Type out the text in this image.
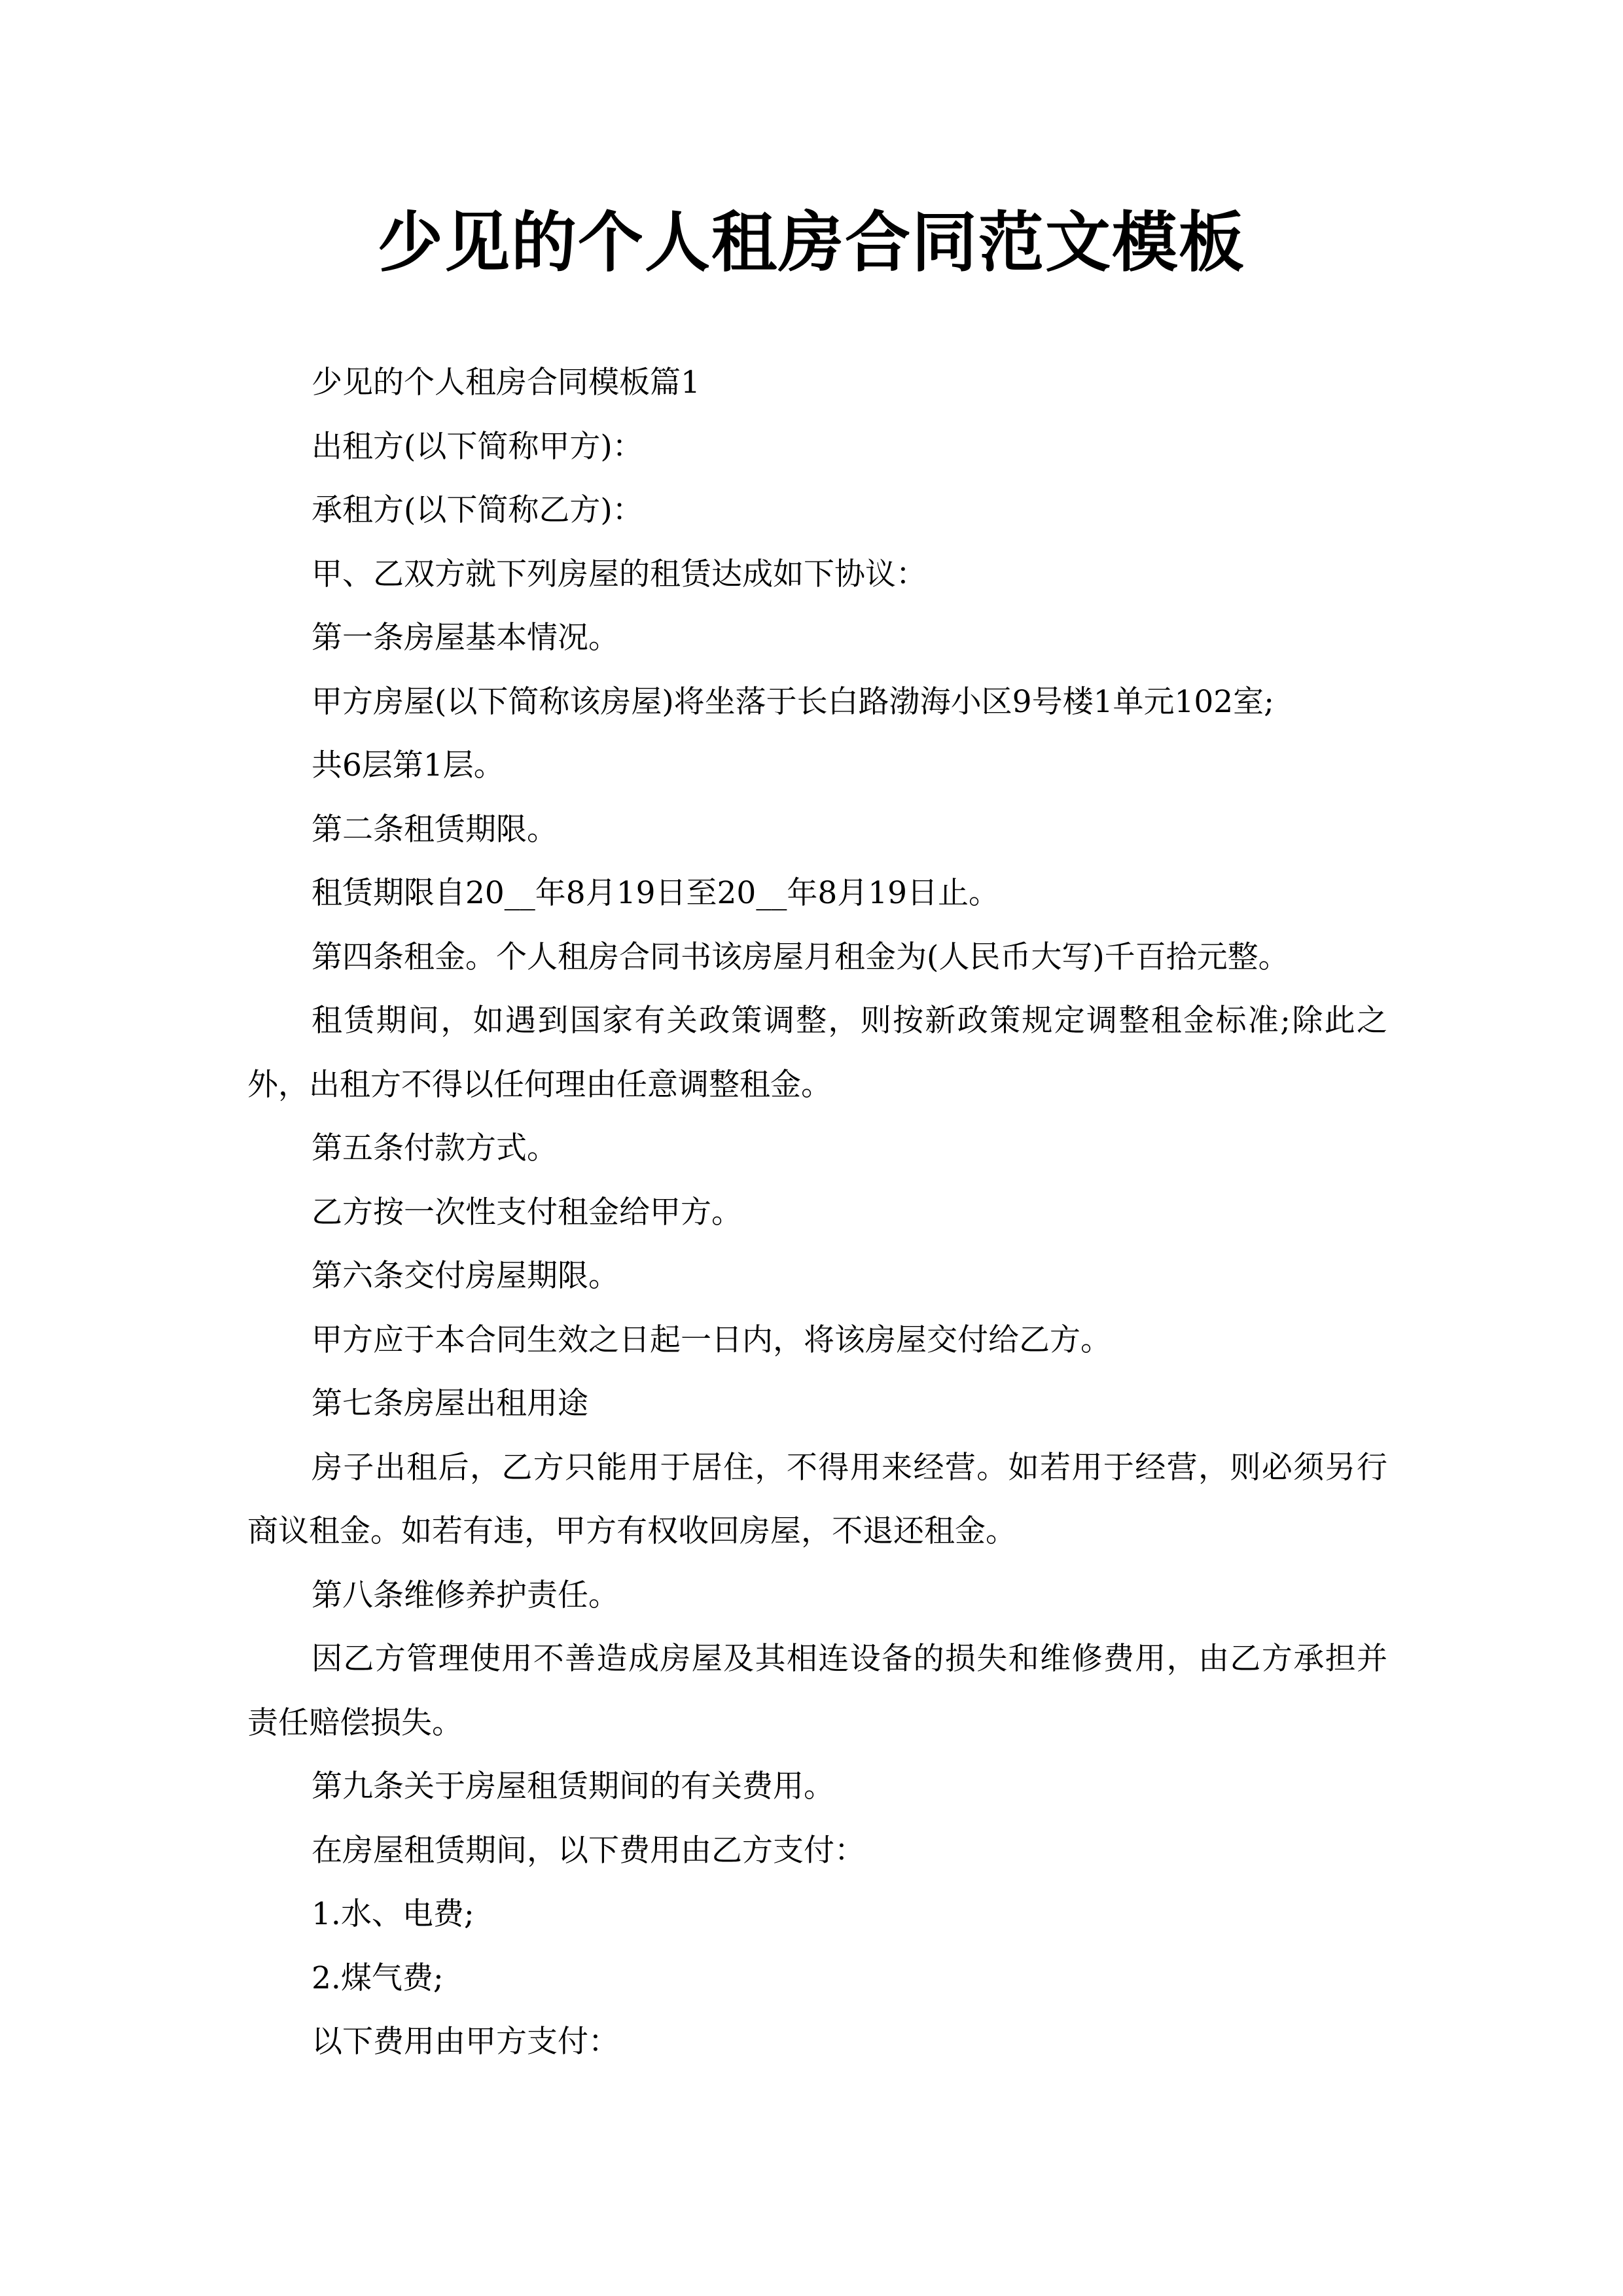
少见的个人租房合同范文模板

少见的个人租房合同模板篇1

出租方(以下简称甲方)：

承租方(以下简称乙方)：

甲、乙双方就下列房屋的租赁达成如下协议：

第一条房屋基本情况。

甲方房屋(以下简称该房屋)将坐落于长白路渤海小区9号楼1单元102室;

共6层第1层。

第二条租赁期限。

租赁期限自20__年8月19日至20__年8月19日止。

第四条租金。个人租房合同书该房屋月租金为(人民币大写)千百拾元整。

租赁期间，如遇到国家有关政策调整，则按新政策规定调整租金标准;除此之外，出租方不得以任何理由任意调整租金。

第五条付款方式。

乙方按一次性支付租金给甲方。

第六条交付房屋期限。

甲方应于本合同生效之日起一日内，将该房屋交付给乙方。

第七条房屋出租用途

房子出租后，乙方只能用于居住，不得用来经营。如若用于经营，则必须另行商议租金。如若有违，甲方有权收回房屋，不退还租金。

第八条维修养护责任。

因乙方管理使用不善造成房屋及其相连设备的损失和维修费用，由乙方承担并责任赔偿损失。

第九条关于房屋租赁期间的有关费用。

在房屋租赁期间，以下费用由乙方支付：

1.水、电费;

2.煤气费;

以下费用由甲方支付：
